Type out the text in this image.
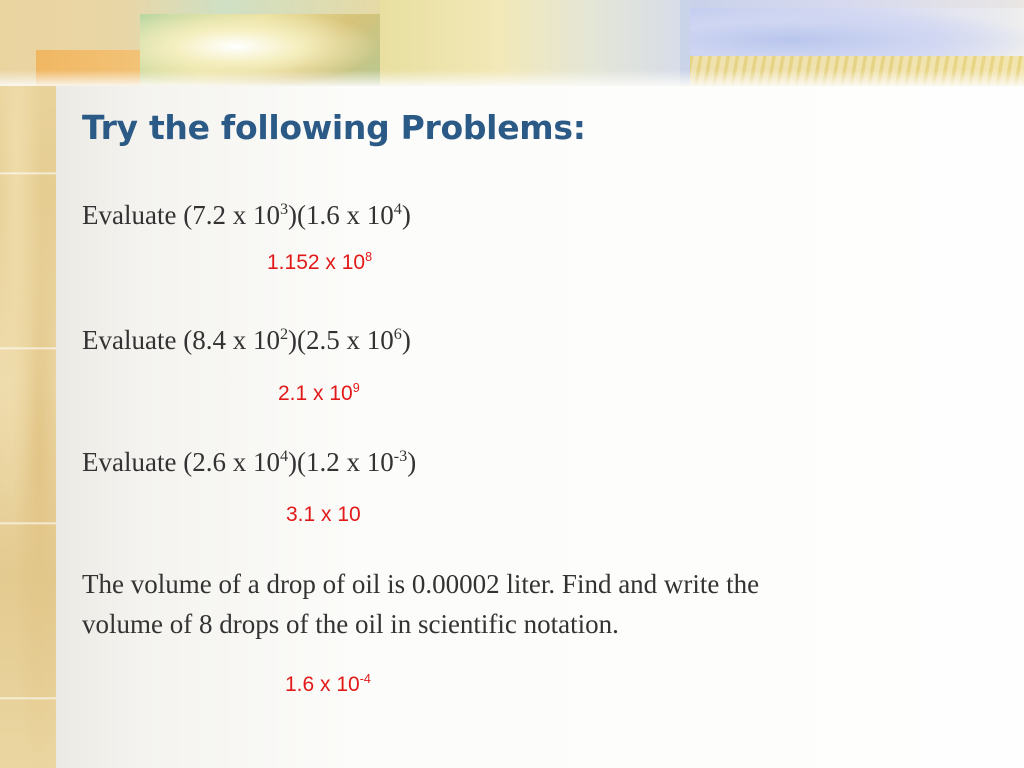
Try the following Problems:

Evaluate (7.2 x $10^3)(1.6$ x $10^4$)

1.152 x $10^8$

Evaluate (8.4 x $10^2)(2.5$ x $10^6$)

2.1 x $10^9$

Evaluate (2.6 x $10^4)(1.2$ x $10^{-3}$)

3.1 x 10

The volume of a drop of oil is 0.00002 liter. Find and write the
volume of 8 drops of the oil in scientific notation.

1.6 x $10^{-4}$
